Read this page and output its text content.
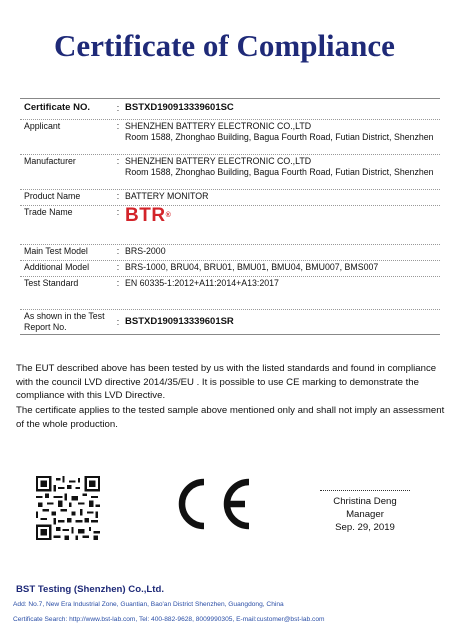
Certificate of Compliance
Certificate NO.	: BSTXD190913339601SC
Applicant	: SHENZHEN BATTERY ELECTRONIC CO.,LTD
Room 1588, Zhonghao Building, Bagua Fourth Road, Futian District, Shenzhen
Manufacturer	: SHENZHEN BATTERY ELECTRONIC CO.,LTD
Room 1588, Zhonghao Building, Bagua Fourth Road, Futian District, Shenzhen
Product Name	: BATTERY MONITOR
Trade Name	: BTR®
Main Test Model	: BRS-2000
Additional Model	: BRS-1000, BRU04, BRU01, BMU01, BMU04, BMU007, BMS007
Test Standard	: EN 60335-1:2012+A11:2014+A13:2017
As shown in the Test Report No.	: BSTXD190913339601SR
The EUT described above has been tested by us with the listed standards and found in compliance with the council LVD directive 2014/35/EU . It is possible to use CE marking to demonstrate the compliance with this LVD Directive.
The certificate applies to the tested sample above mentioned only and shall not imply an assessment of the whole production.
Christina Deng
Manager
Sep. 29, 2019
BST Testing (Shenzhen) Co.,Ltd.
Add: No.7, New Era Industrial Zone, Guantian, Bao'an District Shenzhen, Guangdong, China
Certificate Search: http://www.bst-lab.com, Tel: 400-882-9628, 8009990305, E-mail:customer@bst-lab.com
